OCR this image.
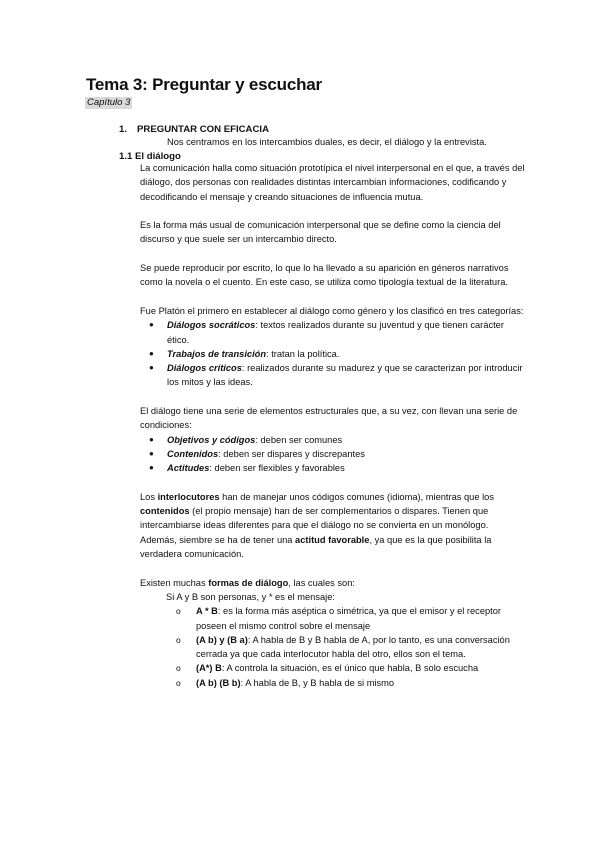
Tema 3: Preguntar y escuchar
Capítulo 3
1. PREGUNTAR CON EFICACIA
Nos centramos en los intercambios duales, es decir, el diálogo y la entrevista.
1.1 El diálogo

La comunicación halla como situación prototípica el nivel interpersonal en el que, a través del diálogo, dos personas con realidades distintas intercambian informaciones, codificando y decodificando el mensaje y creando situaciones de influencia mutua.

Es la forma más usual de comunicación interpersonal que se define como la ciencia del discurso y que suele ser un intercambio directo.

Se puede reproducir por escrito, lo que lo ha llevado a su aparición en géneros narrativos como la novela o el cuento. En este caso, se utiliza como tipología textual de la literatura.

Fue Platón el primero en establecer al diálogo como género y los clasificó en tres categorías:

● Diálogos socráticos: textos realizados durante su juventud y que tienen carácter ético.
● Trabajos de transición: tratan la política.
● Diálogos críticos: realizados durante su madurez y que se caracterizan por introducir los mitos y las ideas.

El diálogo tiene una serie de elementos estructurales que, a su vez, con llevan una serie de condiciones:

● Objetivos y códigos: deben ser comunes
● Contenidos: deben ser dispares y discrepantes
● Actitudes: deben ser flexibles y favorables

Los interlocutores han de manejar unos códigos comunes (idioma), mientras que los contenidos (el propio mensaje) han de ser complementarios o dispares. Tienen que intercambiarse ideas diferentes para que el diálogo no se convierta en un monólogo. Además, siembre se ha de tener una actitud favorable, ya que es la que posibilita la verdadera comunicación.

Existen muchas formas de diálogo, las cuales son:

Si A y B son personas, y * es el mensaje:

o A * B: es la forma más aséptica o simétrica, ya que el emisor y el receptor poseen el mismo control sobre el mensaje
o (A b) y (B a): A habla de B y B habla de A, por lo tanto, es una conversación cerrada ya que cada interlocutor habla del otro, ellos son el tema.
o (A*) B: A controla la situación, es el único que habla, B solo escucha
o (A b) (B b): A habla de B, y B habla de si mismo
